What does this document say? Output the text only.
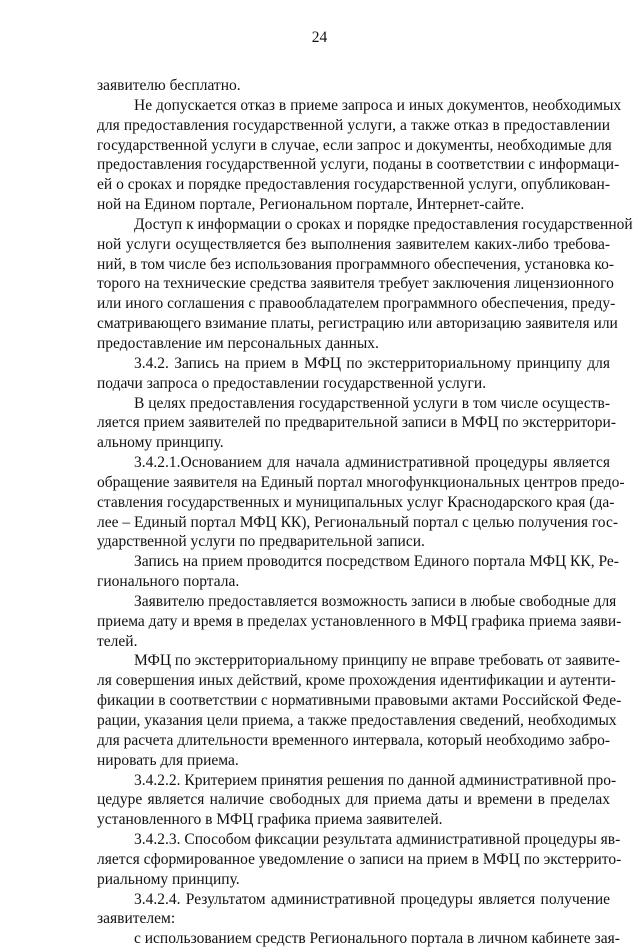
24
заявителю бесплатно.
Не допускается отказ в приеме запроса и иных документов, необходимых
для предоставления государственной услуги, а также отказ в предоставлении
государственной услуги в случае, если запрос и документы, необходимые для
предоставления государственной услуги, поданы в соответствии с информаци-
ей о сроках и порядке предоставления государственной услуги, опубликован-
ной на Едином портале, Региональном портале, Интернет-сайте.
Доступ к информации о сроках и порядке предоставления государственной
ной услуги осуществляется без выполнения заявителем каких-либо требова-
ний, в том числе без использования программного обеспечения, установка ко-
торого на технические средства заявителя требует заключения лицензионного
или иного соглашения с правообладателем программного обеспечения, преду-
сматривающего взимание платы, регистрацию или авторизацию заявителя или
предоставление им персональных данных.
3.4.2. Запись на прием в МФЦ по экстерриториальному принципу для
подачи запроса о предоставлении государственной услуги.
В целях предоставления государственной услуги в том числе осуществ-
ляется прием заявителей по предварительной записи в МФЦ по экстерритори-
альному принципу.
3.4.2.1.Основанием для начала административной процедуры является
обращение заявителя на Единый портал многофункциональных центров предо-
ставления государственных и муниципальных услуг Краснодарского края (да-
лее – Единый портал МФЦ КК), Региональный портал с целью получения гос-
ударственной услуги по предварительной записи.
Запись на прием проводится посредством Единого портала МФЦ КК, Ре-
гионального портала.
Заявителю предоставляется возможность записи в любые свободные для
приема дату и время в пределах установленного в МФЦ графика приема заяви-
телей.
МФЦ по экстерриториальному принципу не вправе требовать от заявите-
ля совершения иных действий, кроме прохождения идентификации и аутенти-
фикации в соответствии с нормативными правовыми актами Российской Феде-
рации, указания цели приема, а также предоставления сведений, необходимых
для расчета длительности временного интервала, который необходимо забро-
нировать для приема.
3.4.2.2. Критерием принятия решения по данной административной про-
цедуре является наличие свободных для приема даты и времени в пределах
установленного в МФЦ графика приема заявителей.
3.4.2.3. Способом фиксации результата административной процедуры яв-
ляется сформированное уведомление о записи на прием в МФЦ по экстеррито-
риальному принципу.
3.4.2.4. Результатом административной процедуры является получение
заявителем:
с использованием средств Регионального портала в личном кабинете зая-
